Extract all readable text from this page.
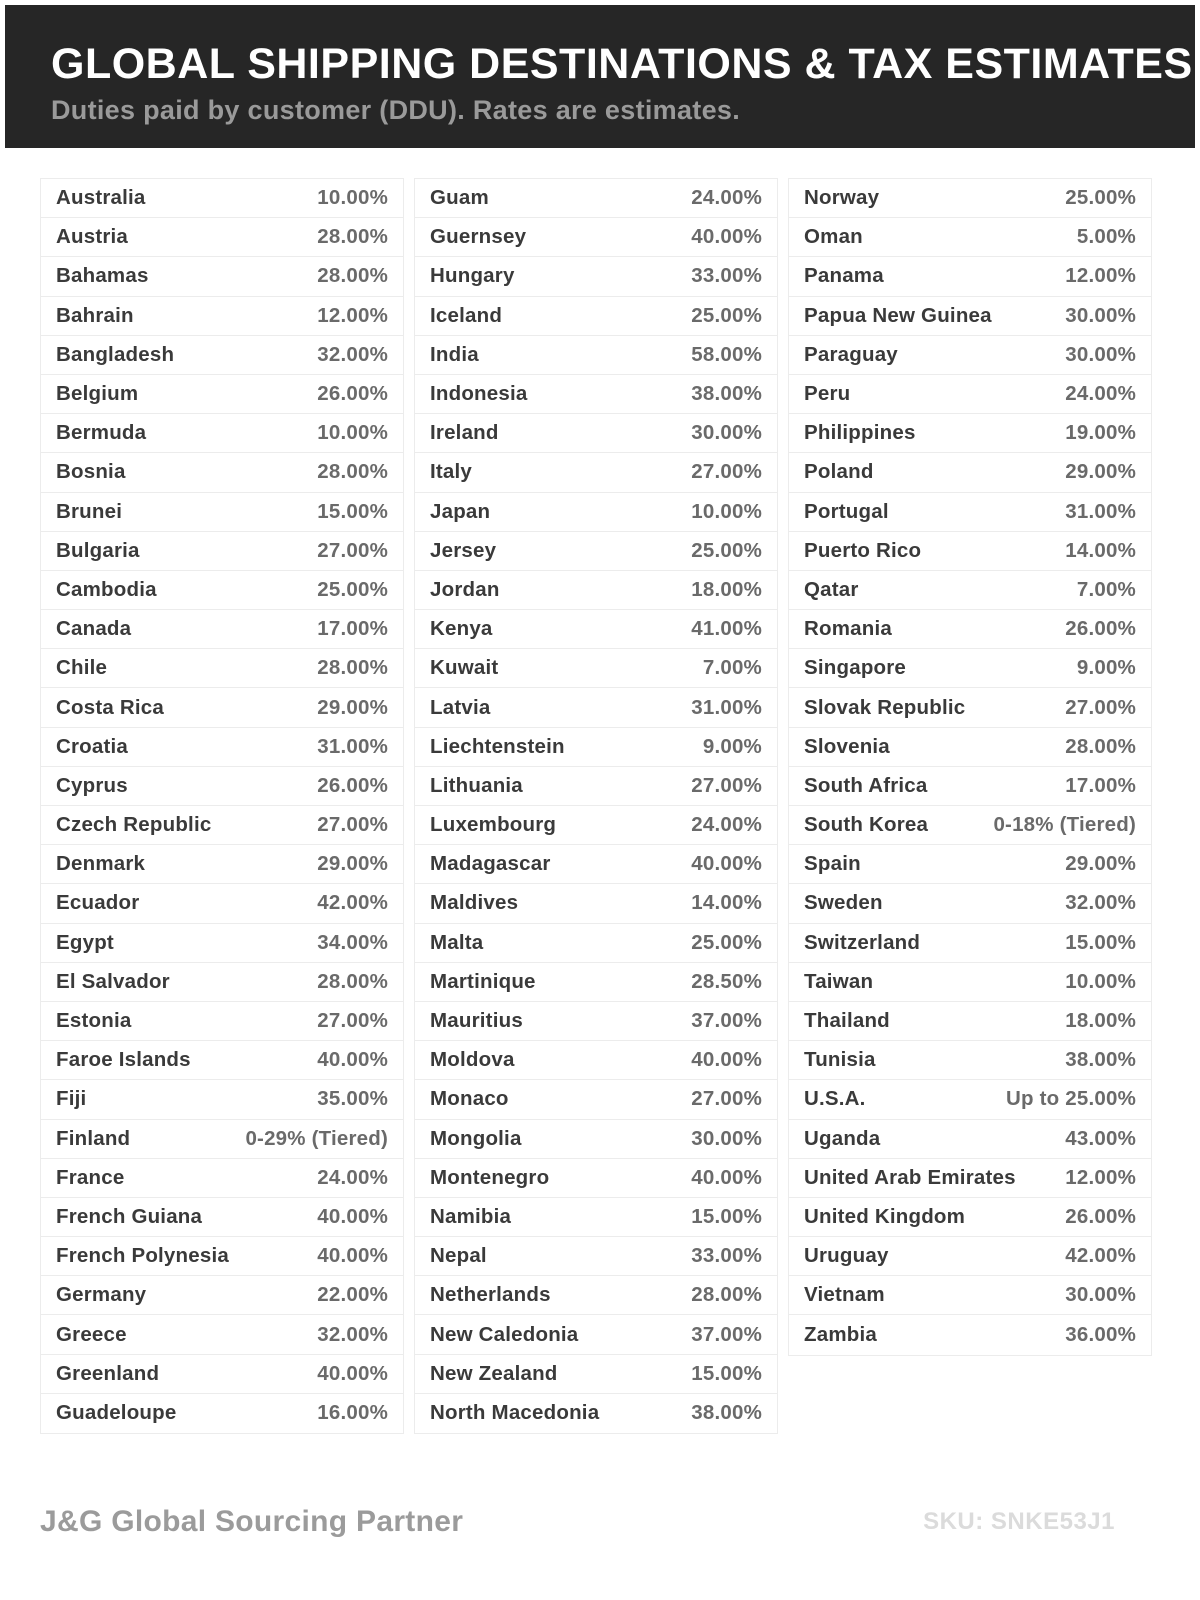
GLOBAL SHIPPING DESTINATIONS & TAX ESTIMATES
Duties paid by customer (DDU). Rates are estimates.
Australia	10.00%
Austria	28.00%
Bahamas	28.00%
Bahrain	12.00%
Bangladesh	32.00%
Belgium	26.00%
Bermuda	10.00%
Bosnia	28.00%
Brunei	15.00%
Bulgaria	27.00%
Cambodia	25.00%
Canada	17.00%
Chile	28.00%
Costa Rica	29.00%
Croatia	31.00%
Cyprus	26.00%
Czech Republic	27.00%
Denmark	29.00%
Ecuador	42.00%
Egypt	34.00%
El Salvador	28.00%
Estonia	27.00%
Faroe Islands	40.00%
Fiji	35.00%
Finland	0-29% (Tiered)
France	24.00%
French Guiana	40.00%
French Polynesia	40.00%
Germany	22.00%
Greece	32.00%
Greenland	40.00%
Guadeloupe	16.00%
Guam	24.00%
Guernsey	40.00%
Hungary	33.00%
Iceland	25.00%
India	58.00%
Indonesia	38.00%
Ireland	30.00%
Italy	27.00%
Japan	10.00%
Jersey	25.00%
Jordan	18.00%
Kenya	41.00%
Kuwait	7.00%
Latvia	31.00%
Liechtenstein	9.00%
Lithuania	27.00%
Luxembourg	24.00%
Madagascar	40.00%
Maldives	14.00%
Malta	25.00%
Martinique	28.50%
Mauritius	37.00%
Moldova	40.00%
Monaco	27.00%
Mongolia	30.00%
Montenegro	40.00%
Namibia	15.00%
Nepal	33.00%
Netherlands	28.00%
New Caledonia	37.00%
New Zealand	15.00%
North Macedonia	38.00%
Norway	25.00%
Oman	5.00%
Panama	12.00%
Papua New Guinea	30.00%
Paraguay	30.00%
Peru	24.00%
Philippines	19.00%
Poland	29.00%
Portugal	31.00%
Puerto Rico	14.00%
Qatar	7.00%
Romania	26.00%
Singapore	9.00%
Slovak Republic	27.00%
Slovenia	28.00%
South Africa	17.00%
South Korea	0-18% (Tiered)
Spain	29.00%
Sweden	32.00%
Switzerland	15.00%
Taiwan	10.00%
Thailand	18.00%
Tunisia	38.00%
U.S.A.	Up to 25.00%
Uganda	43.00%
United Arab Emirates 12.00%
United Kingdom	26.00%
Uruguay	42.00%
Vietnam	30.00%
Zambia	36.00%
J&G Global Sourcing Partner	SKU: SNKE53J1
